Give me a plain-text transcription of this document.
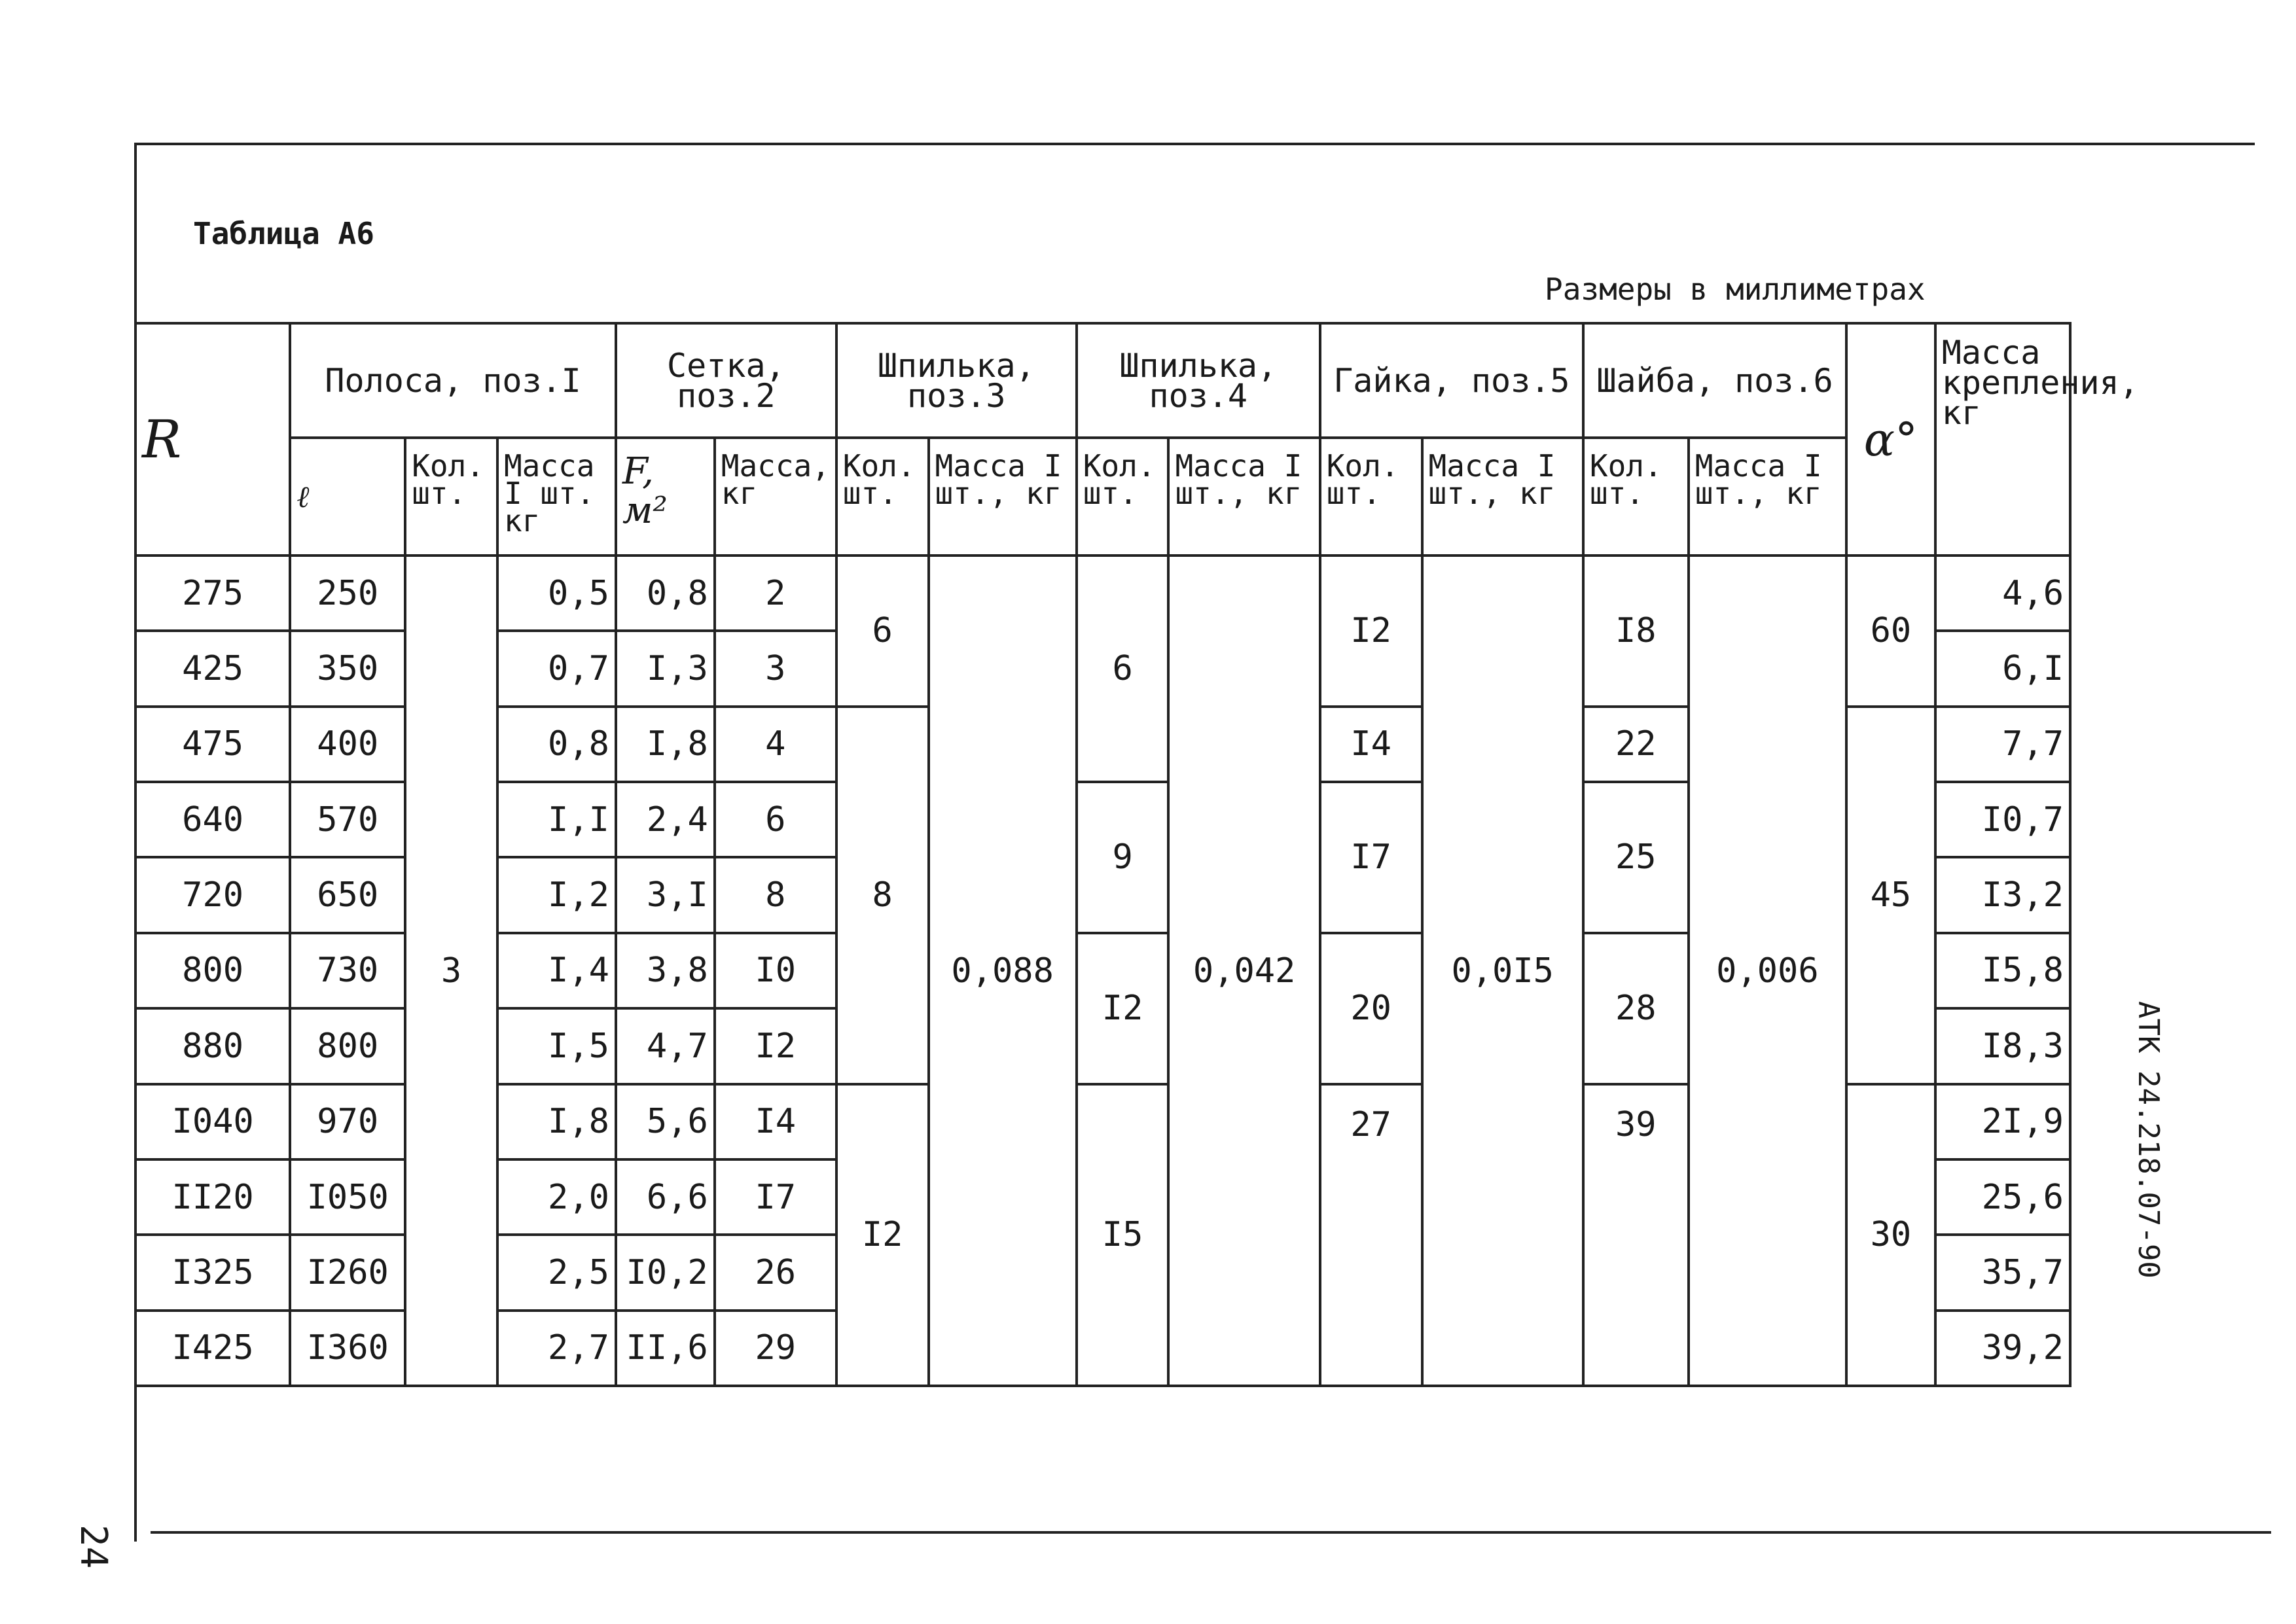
Таблица А6
Размеры в миллиметрах
АТК 24.218.07-90
24
R	Полоса, поз.I			Сетка, поз.2		Шпилька, поз.3		Шпилька, поз.4		Гайка, поз.5		Шайба, поз.6		α°	Масса крепления, кг
	ℓ	Кол. шт.	Масса I шт. кг	F, м²	Масса, кг	Кол. шт.	Масса I шт., кг	Кол. шт.	Масса I шт., кг	Кол. шт.	Масса I шт., кг	Кол. шт.	Масса I шт., кг		
275	250	3	0,5	0,8	2	6	0,088	6	0,042	I2	0,0I5	I8	0,006	60	4,6
425	350		0,7	I,3	3										6,I
475	400		0,8	I,8	4	8				I4		22		45	7,7
640	570		I,I	2,4	6			9		I7		25			I0,7
720	650		I,2	3,I	8										I3,2
800	730		I,4	3,8	I0			I2		20		28			I5,8
880	800		I,5	4,7	I2										I8,3
I040	970		I,8	5,6	I4	I2		I5		27		39		30	2I,9
II20	I050		2,0	6,6	I7										25,6
I325	I260		2,5	I0,2	26										35,7
I425	I360		2,7	II,6	29										39,2
